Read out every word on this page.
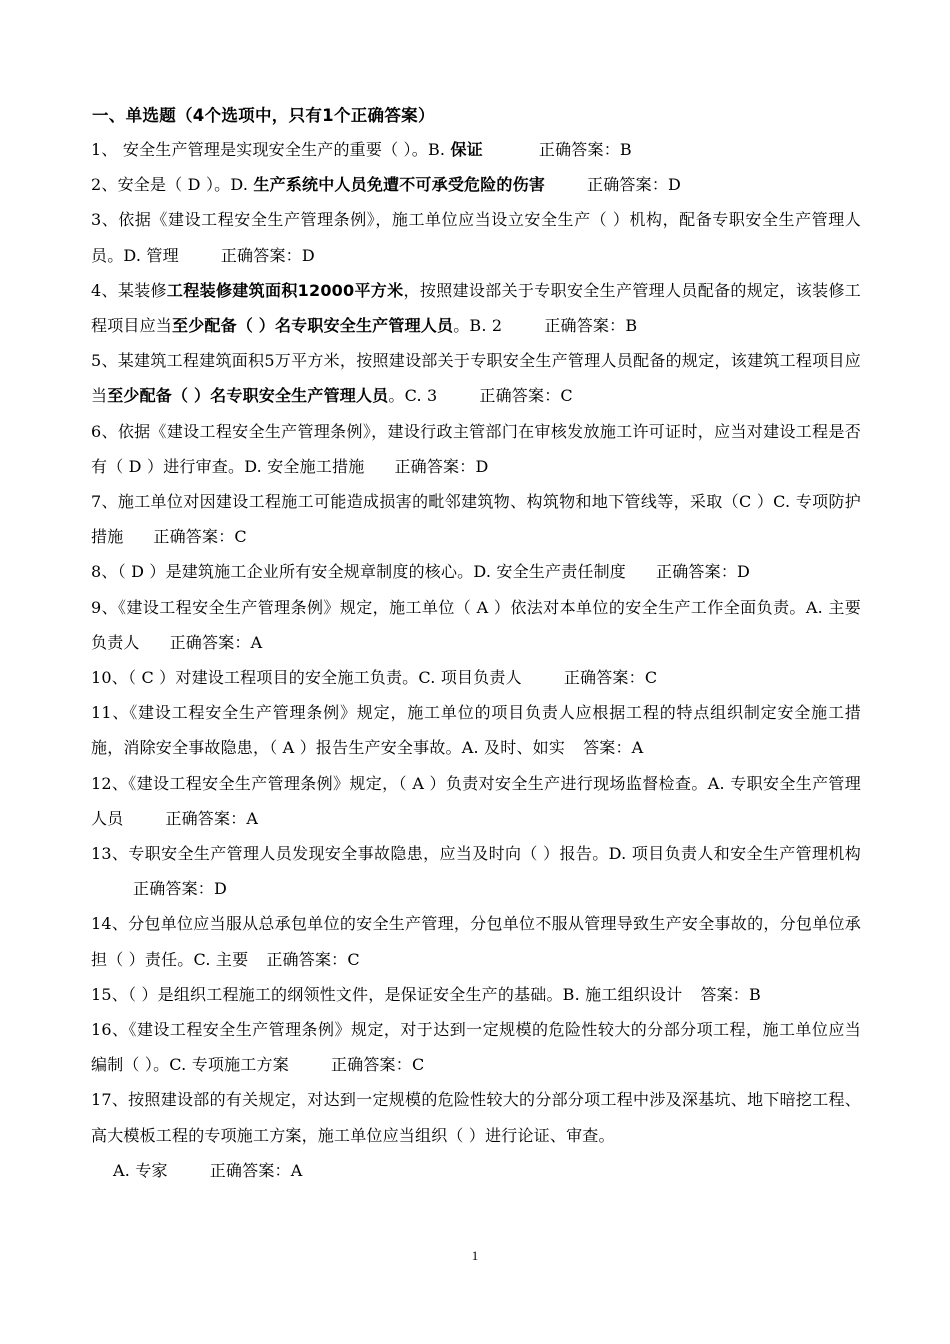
一、单选题（4个选项中，只有1个正确答案）

1、 安全生产管理是实现安全生产的重要（ ）。B. 保证	正确答案：B

2、安全是（ D ）。D. 生产系统中人员免遭不可承受危险的伤害	正确答案：D

3、依据《建设工程安全生产管理条例》，施工单位应当设立安全生产（ ）机构，配备专职安全生产管理人员。D. 管理	正确答案：D

4、某装修工程装修建筑面积12000平方米，按照建设部关于专职安全生产管理人员配备的规定，该装修工程项目应当至少配备（ ）名专职安全生产管理人员。B. 2	正确答案：B

5、某建筑工程建筑面积5万平方米，按照建设部关于专职安全生产管理人员配备的规定，该建筑工程项目应当至少配备（ ）名专职安全生产管理人员。C. 3	正确答案：C

6、依据《建设工程安全生产管理条例》，建设行政主管部门在审核发放施工许可证时，应当对建设工程是否有（ D ）进行审查。D. 安全施工措施 正确答案：D

7、施工单位对因建设工程施工可能造成损害的毗邻建筑物、构筑物和地下管线等，采取（C ）C. 专项防护措施 正确答案：C

8、（ D ）是建筑施工企业所有安全规章制度的核心。D. 安全生产责任制度 正确答案：D

9、《建设工程安全生产管理条例》规定，施工单位（ A ）依法对本单位的安全生产工作全面负责。A. 主要负责人 正确答案：A

10、（ C ）对建设工程项目的安全施工负责。C. 项目负责人	正确答案：C

11、《建设工程安全生产管理条例》规定，施工单位的项目负责人应根据工程的特点组织制定安全施工措施，消除安全事故隐患，（ A ）报告生产安全事故。A. 及时、如实 答案：A

12、《建设工程安全生产管理条例》规定，（ A ）负责对安全生产进行现场监督检查。A. 专职安全生产管理人员	正确答案：A

13、专职安全生产管理人员发现安全事故隐患，应当及时向（ ）报告。D. 项目负责人和安全生产管理机构正确答案：D

14、分包单位应当服从总承包单位的安全生产管理，分包单位不服从管理导致生产安全事故的，分包单位承担（ ）责任。C. 主要 正确答案：C

15、（ ）是组织工程施工的纲领性文件，是保证安全生产的基础。B. 施工组织设计 答案：B

16、《建设工程安全生产管理条例》规定，对于达到一定规模的危险性较大的分部分项工程，施工单位应当编制（ ）。C. 专项施工方案	正确答案：C

17、按照建设部的有关规定，对达到一定规模的危险性较大的分部分项工程中涉及深基坑、地下暗挖工程、高大模板工程的专项施工方案，施工单位应当组织（ ）进行论证、审查。

A. 专家	正确答案：A

1
